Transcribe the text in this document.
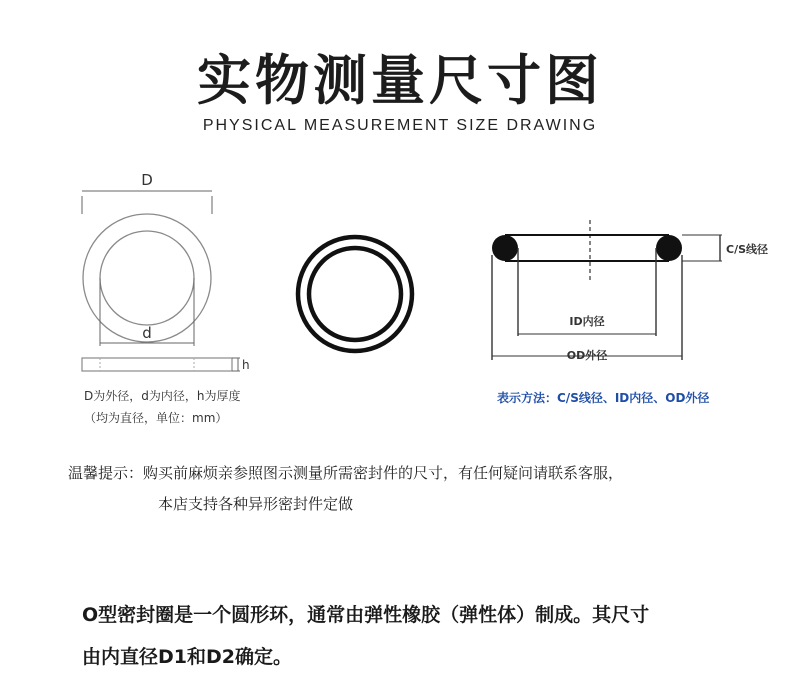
实物测量尺寸图
PHYSICAL MEASUREMENT SIZE DRAWING
D
d
h
D为外径，d为内径，h为厚度
（均为直径，单位：mm）
C/S线径
ID内径
OD外径
表示方法：C/S线径、ID内径、OD外径
温馨提示：购买前麻烦亲参照图示测量所需密封件的尺寸，有任何疑问请联系客服，
本店支持各种异形密封件定做
O型密封圈是一个圆形环，通常由弹性橡胶（弹性体）制成。其尺寸
由内直径D1和D2确定。
